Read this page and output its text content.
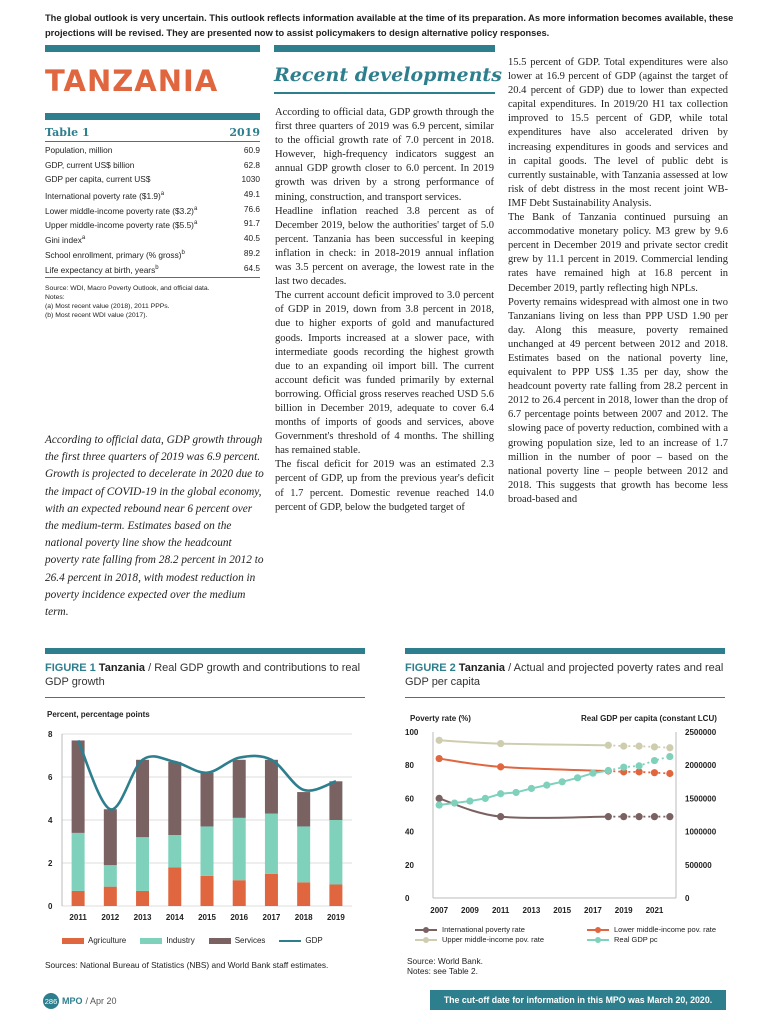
The global outlook is very uncertain. This outlook reflects information available at the time of its preparation. As more information becomes available, these projections will be revised. They are presented now to assist policymakers to design alternative policy responses.
TANZANIA
Table 1	2019
Population, million	60.9
GDP, current US$ billion	62.8
GDP per capita, current US$	1030
International poverty rate ($1.9)$^a$	49.1
Lower middle-income poverty rate ($3.2)$^a$	76.6
Upper middle-income poverty rate ($5.5)$^a$	91.7
Gini index$^a$	40.5
School enrollment, primary (% gross)$^b$	89.2
Life expectancy at birth, years$^b$	64.5
Source: WDI, Macro Poverty Outlook, and official data.
Notes:
(a) Most recent value (2018), 2011 PPPs.
(b) Most recent WDI value (2017).
According to official data, GDP growth through the first three quarters of 2019 was 6.9 percent. Growth is projected to decelerate in 2020 due to the impact of COVID-19 in the global economy, with an expected rebound near 6 percent over the medium-term. Estimates based on the national poverty line show the headcount poverty rate falling from 28.2 percent in 2012 to 26.4 percent in 2018, with modest reduction in poverty incidence expected over the medium term.
Recent developments

According to official data, GDP growth through the first three quarters of 2019 was 6.9 percent, similar to the official growth rate of 7.0 percent in 2018. However, high-frequency indicators suggest an annual GDP growth closer to 6.0 percent. In 2019 growth was driven by a strong performance of mining, construction, and transport services.

Headline inflation reached 3.8 percent as of December 2019, below the authorities' target of 5.0 percent. Tanzania has been successful in keeping inflation in check: in 2018-2019 annual inflation was 3.5 percent on average, the lowest rate in the last two decades.

The current account deficit improved to 3.0 percent of GDP in 2019, down from 3.8 percent in 2018, due to higher exports of gold and manufactured goods. Imports increased at a slower pace, with intermediate goods recording the highest growth due to an expanding oil import bill. The current account deficit was funded primarily by external borrowing. Official gross reserves reached USD 5.6 billion in December 2019, adequate to cover 6.4 months of imports of goods and services, above Government's threshold of 4 months. The shilling has remained stable.

The fiscal deficit for 2019 was an estimated 2.3 percent of GDP, up from the previous year's deficit of 1.7 percent. Domestic revenue reached 14.0 percent of GDP, below the budgeted target of

15.5 percent of GDP. Total expenditures were also lower at 16.9 percent of GDP (against the target of 20.4 percent of GDP) due to lower than expected capital expenditures. In 2019/20 H1 tax collection improved to 15.5 percent of GDP, while total expenditures have also accelerated driven by increasing expenditures in goods and services and in capital goods. The level of public debt is currently sustainable, with Tanzania assessed at low risk of debt distress in the most recent joint WB-IMF Debt Sustainability Analysis.

The Bank of Tanzania continued pursuing an accommodative monetary policy. M3 grew by 9.6 percent in December 2019 and private sector credit grew by 11.1 percent in 2019. Commercial lending rates have remained high at 16.8 percent in December 2019, partly reflecting high NPLs.

Poverty remains widespread with almost one in two Tanzanians living on less than PPP USD 1.90 per day. Along this measure, poverty remained unchanged at 49 percent between 2012 and 2018. Estimates based on the national poverty line, equivalent to PPP US$ 1.35 per day, show the headcount poverty rate falling from 28.2 percent in 2012 to 26.4 percent in 2018, lower than the drop of 6.7 percentage points between 2007 and 2012. The slowing pace of poverty reduction, combined with a growing population size, led to an increase of 1.7 million in the number of poor – based on the national poverty line – people between 2012 and 2018. This suggests that growth has become less broad-based and

FIGURE 1 Tanzania / Real GDP growth and contributions to real GDP growth
Percent, percentage points
0
2
4
6
8
2011 2012 2013 2014 2015 2016 2017 2018 2019
Agriculture	Industry	Services	GDP
Sources: National Bureau of Statistics (NBS) and World Bank staff estimates.
FIGURE 2 Tanzania / Actual and projected poverty rates and real GDP per capita
Poverty rate (%)	Real GDP per capita (constant LCU)
0
20
40
60
80
100
0
500000
1000000
1500000
2000000
2500000
2007 2009 2011 2013 2015 2017 2019 2021
International poverty rate	Lower middle-income pov. rate
Upper middle-income pov. rate	Real GDP pc
Source: World Bank.
Notes: see Table 2.
286 MPO / Apr 20	The cut-off date for information in this MPO was March 20, 2020.
